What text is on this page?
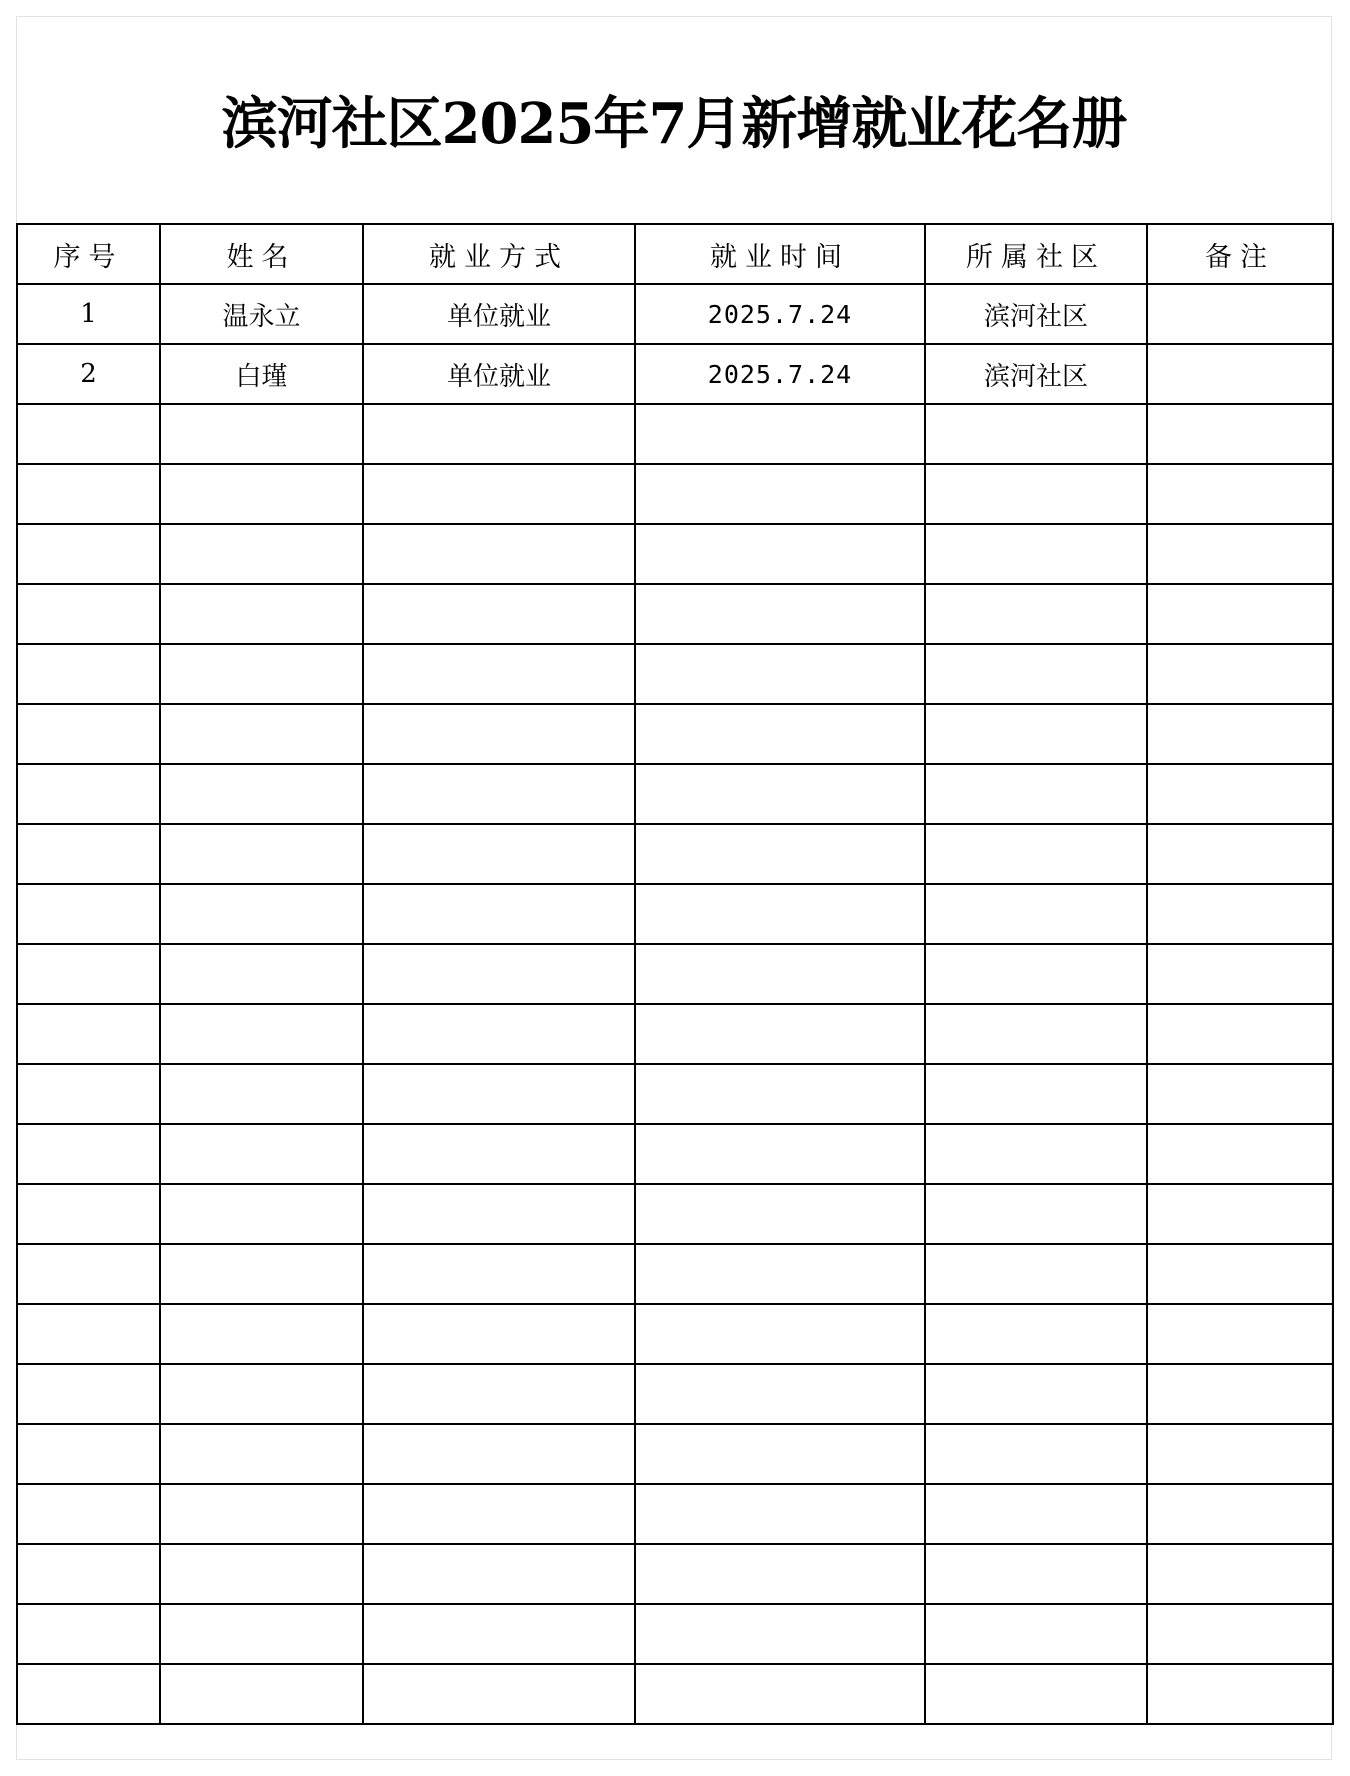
滨河社区2025年7月新增就业花名册
序号	姓名	就业方式	就业时间	所属社区	备注
1	温永立	单位就业	2025.7.24	滨河社区	
2	白瑾	单位就业	2025.7.24	滨河社区	
